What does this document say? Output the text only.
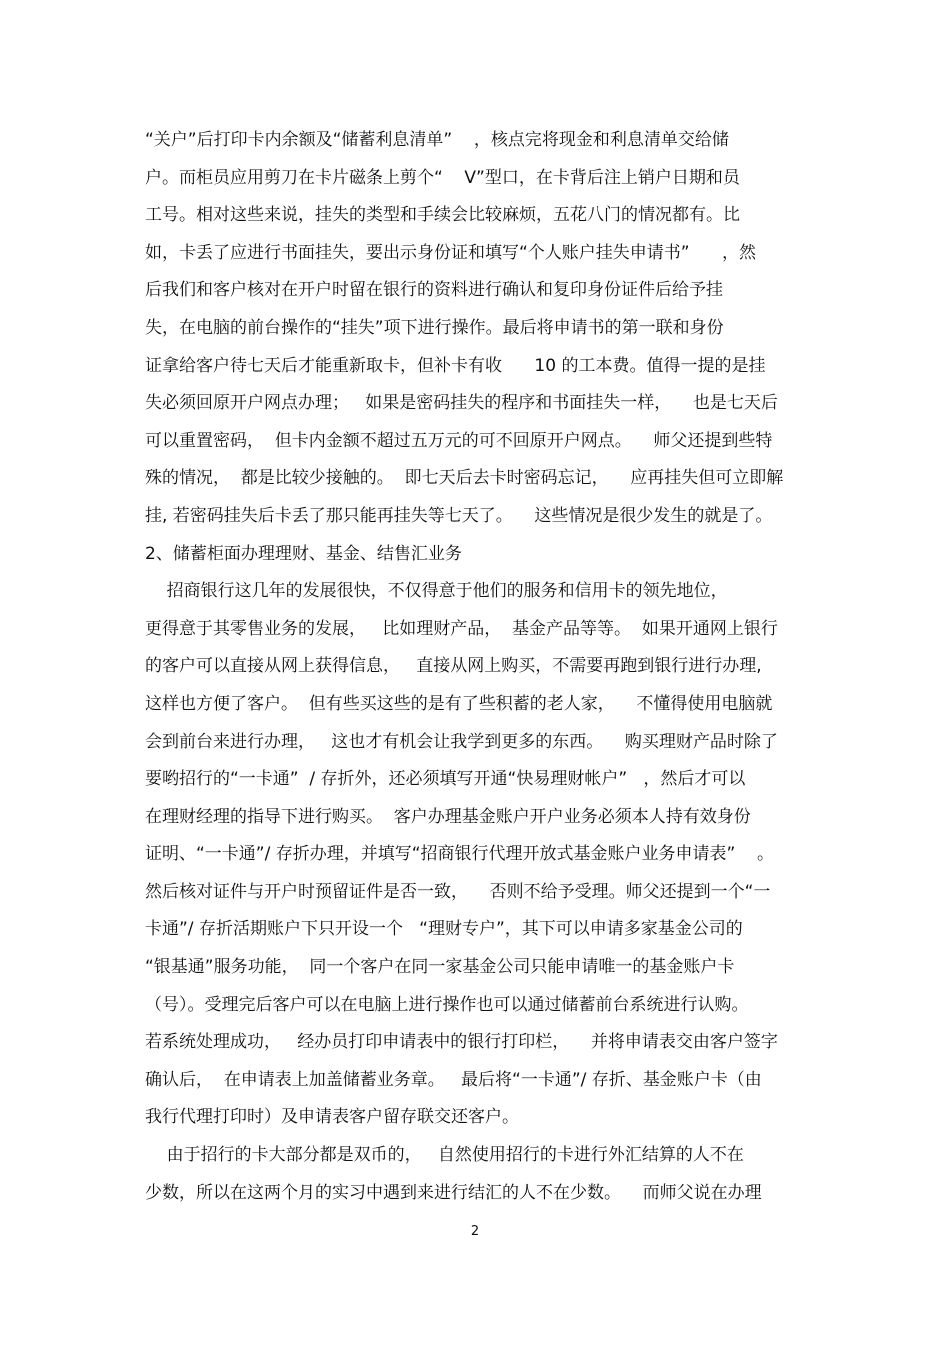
“关户”后打印卡内余额及“储蓄利息清单”    ，核点完将现金和利息清单交给储
户。而柜员应用剪刀在卡片磁条上剪个“    V”型口，在卡背后注上销户日期和员
工号。相对这些来说，挂失的类型和手续会比较麻烦，五花八门的情况都有。比
如，卡丢了应进行书面挂失，要出示身份证和填写“个人账户挂失申请书”      ，然
后我们和客户核对在开户时留在银行的资料进行确认和复印身份证件后给予挂
失，在电脑的前台操作的“挂失”项下进行操作。最后将申请书的第一联和身份
证拿给客户待七天后才能重新取卡，但补卡有收      10 的工本费。值得一提的是挂
失必须回原开户网点办理；   如果是密码挂失的程序和书面挂失一样，    也是七天后
可以重置密码，  但卡内金额不超过五万元的可不回原开户网点。    师父还提到些特
殊的情况，  都是比较少接触的。  即七天后去卡时密码忘记，    应再挂失但可立即解
挂, 若密码挂失后卡丢了那只能再挂失等七天了。    这些情况是很少发生的就是了。
2、储蓄柜面办理理财、基金、结售汇业务
招商银行这几年的发展很快，不仅得意于他们的服务和信用卡的领先地位，
更得意于其零售业务的发展，   比如理财产品，  基金产品等等。  如果开通网上银行
的客户可以直接从网上获得信息，   直接从网上购买，不需要再跑到银行进行办理,
这样也方便了客户。  但有些买这些的是有了些积蓄的老人家，    不懂得使用电脑就
会到前台来进行办理，   这也才有机会让我学到更多的东西。    购买理财产品时除了
要哟招行的“一卡通”  / 存折外，还必须填写开通“快易理财帐户”   ，然后才可以
在理财经理的指导下进行购买。  客户办理基金账户开户业务必须本人持有效身份
证明、“一卡通”/ 存折办理，并填写“招商银行代理开放式基金账户业务申请表”    。
然后核对证件与开户时预留证件是否一致，    否则不给予受理。师父还提到一个“一
卡通”/ 存折活期账户下只开设一个   “理财专户”，其下可以申请多家基金公司的
“银基通”服务功能，  同一个客户在同一家基金公司只能申请唯一的基金账户卡
（号）。受理完后客户可以在电脑上进行操作也可以通过储蓄前台系统进行认购。
若系统处理成功，   经办员打印申请表中的银行打印栏，    并将申请表交由客户签字
确认后，  在申请表上加盖储蓄业务章。   最后将“一卡通”/ 存折、基金账户卡（由
我行代理打印时）及申请表客户留存联交还客户。
由于招行的卡大部分都是双币的，   自然使用招行的卡进行外汇结算的人不在
少数，所以在这两个月的实习中遇到来进行结汇的人不在少数。    而师父说在办理
2
